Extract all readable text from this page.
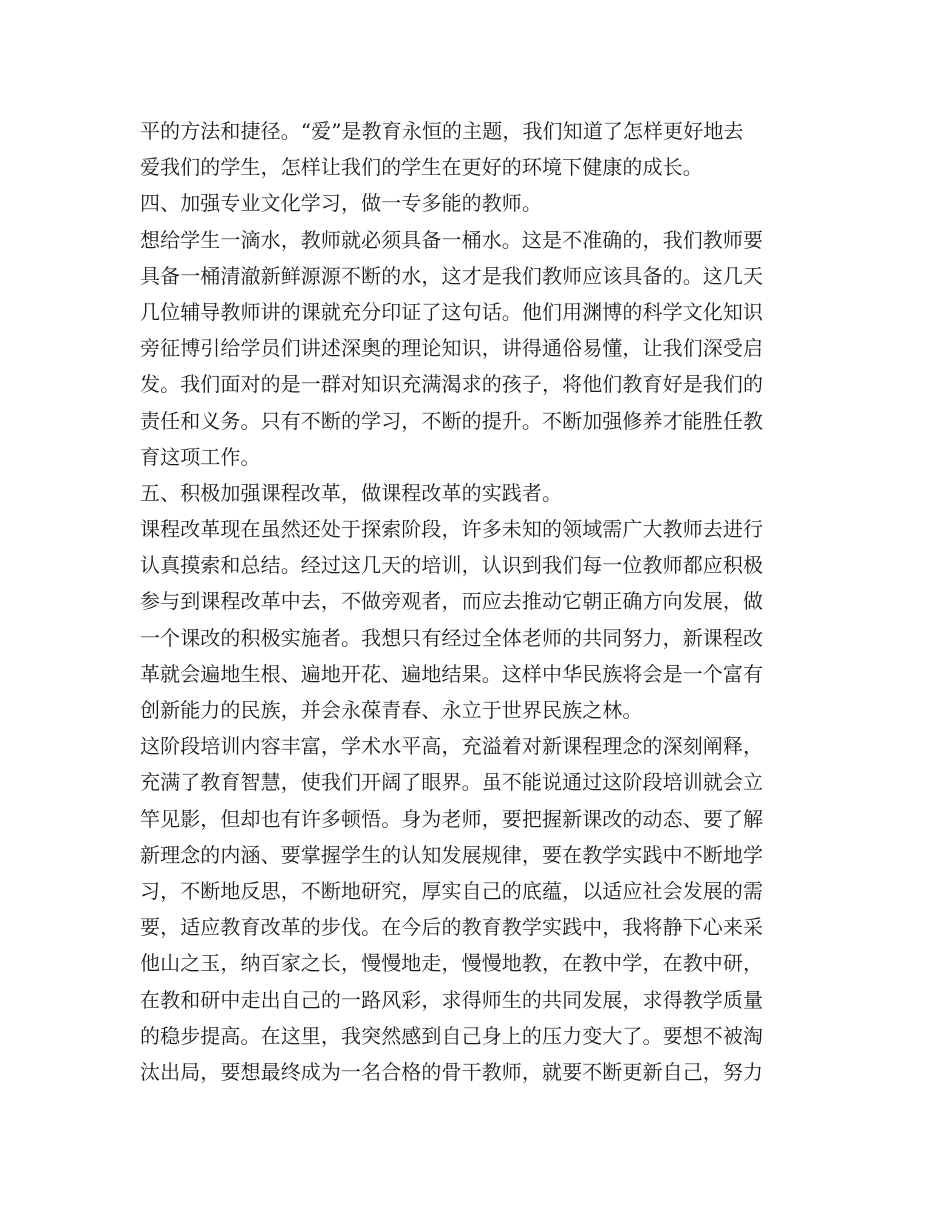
平的方法和捷径。“爱”是教育永恒的主题，我们知道了怎样更好地去
爱我们的学生，怎样让我们的学生在更好的环境下健康的成长。
四、加强专业文化学习，做一专多能的教师。
想给学生一滴水，教师就必须具备一桶水。这是不准确的，我们教师要
具备一桶清澈新鲜源源不断的水，这才是我们教师应该具备的。这几天
几位辅导教师讲的课就充分印证了这句话。他们用渊博的科学文化知识
旁征博引给学员们讲述深奥的理论知识，讲得通俗易懂，让我们深受启
发。我们面对的是一群对知识充满渴求的孩子，将他们教育好是我们的
责任和义务。只有不断的学习，不断的提升。不断加强修养才能胜任教
育这项工作。
五、积极加强课程改革，做课程改革的实践者。
课程改革现在虽然还处于探索阶段，许多未知的领域需广大教师去进行
认真摸索和总结。经过这几天的培训，认识到我们每一位教师都应积极
参与到课程改革中去，不做旁观者，而应去推动它朝正确方向发展，做
一个课改的积极实施者。我想只有经过全体老师的共同努力，新课程改
革就会遍地生根、遍地开花、遍地结果。这样中华民族将会是一个富有
创新能力的民族，并会永葆青春、永立于世界民族之林。
这阶段培训内容丰富，学术水平高，充溢着对新课程理念的深刻阐释，
充满了教育智慧，使我们开阔了眼界。虽不能说通过这阶段培训就会立
竿见影，但却也有许多顿悟。身为老师，要把握新课改的动态、要了解
新理念的内涵、要掌握学生的认知发展规律，要在教学实践中不断地学
习，不断地反思，不断地研究，厚实自己的底蕴，以适应社会发展的需
要，适应教育改革的步伐。在今后的教育教学实践中，我将静下心来采
他山之玉，纳百家之长，慢慢地走，慢慢地教，在教中学，在教中研，
在教和研中走出自己的一路风彩，求得师生的共同发展，求得教学质量
的稳步提高。在这里，我突然感到自己身上的压力变大了。要想不被淘
汰出局，要想最终成为一名合格的骨干教师，就要不断更新自己，努力
